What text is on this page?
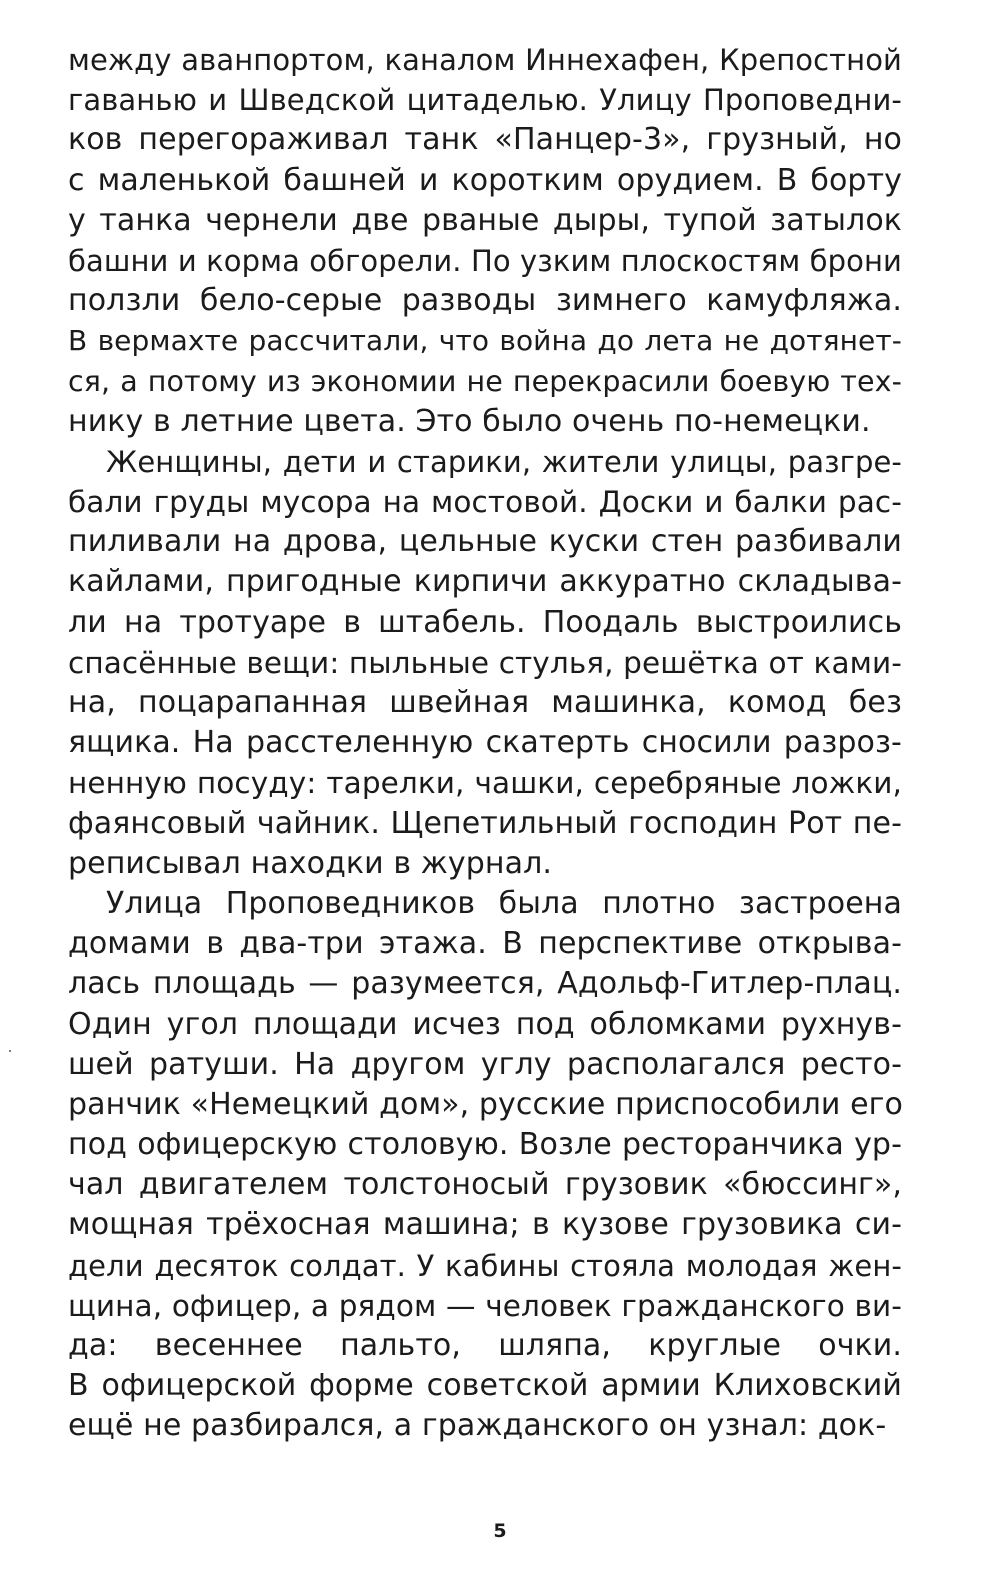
между аванпортом, каналом Иннехафен, Крепостной
гаванью и Шведской цитаделью. Улицу Проповедни-
ков перегораживал танк «Панцер-3», грузный, но
с маленькой башней и коротким орудием. В борту
у танка чернели две рваные дыры, тупой затылок
башни и корма обгорели. По узким плоскостям брони
ползли бело-серые разводы зимнего камуфляжа.
В вермахте рассчитали, что война до лета не дотянет-
ся, а потому из экономии не перекрасили боевую тех-
нику в летние цвета. Это было очень по-немецки.
Женщины, дети и старики, жители улицы, разгре-
бали груды мусора на мостовой. Доски и балки рас-
пиливали на дрова, цельные куски стен разбивали
кайлами, пригодные кирпичи аккуратно складыва-
ли на тротуаре в штабель. Поодаль выстроились
спасённые вещи: пыльные стулья, решётка от ками-
на, поцарапанная швейная машинка, комод без
ящика. На расстеленную скатерть сносили разроз-
ненную посуду: тарелки, чашки, серебряные ложки,
фаянсовый чайник. Щепетильный господин Рот пе-
реписывал находки в журнал.
Улица Проповедников была плотно застроена
домами в два-три этажа. В перспективе открыва-
лась площадь — разумеется, Адольф-Гитлер-плац.
Один угол площади исчез под обломками рухнув-
шей ратуши. На другом углу располагался ресто-
ранчик «Немецкий дом», русские приспособили его
под офицерскую столовую. Возле ресторанчика ур-
чал двигателем толстоносый грузовик «бюссинг»,
мощная трёхосная машина; в кузове грузовика си-
дели десяток солдат. У кабины стояла молодая жен-
щина, офицер, а рядом — человек гражданского ви-
да: весеннее пальто, шляпа, круглые очки.
В офицерской форме советской армии Клиховский
ещё не разбирался, а гражданского он узнал: док-
5
